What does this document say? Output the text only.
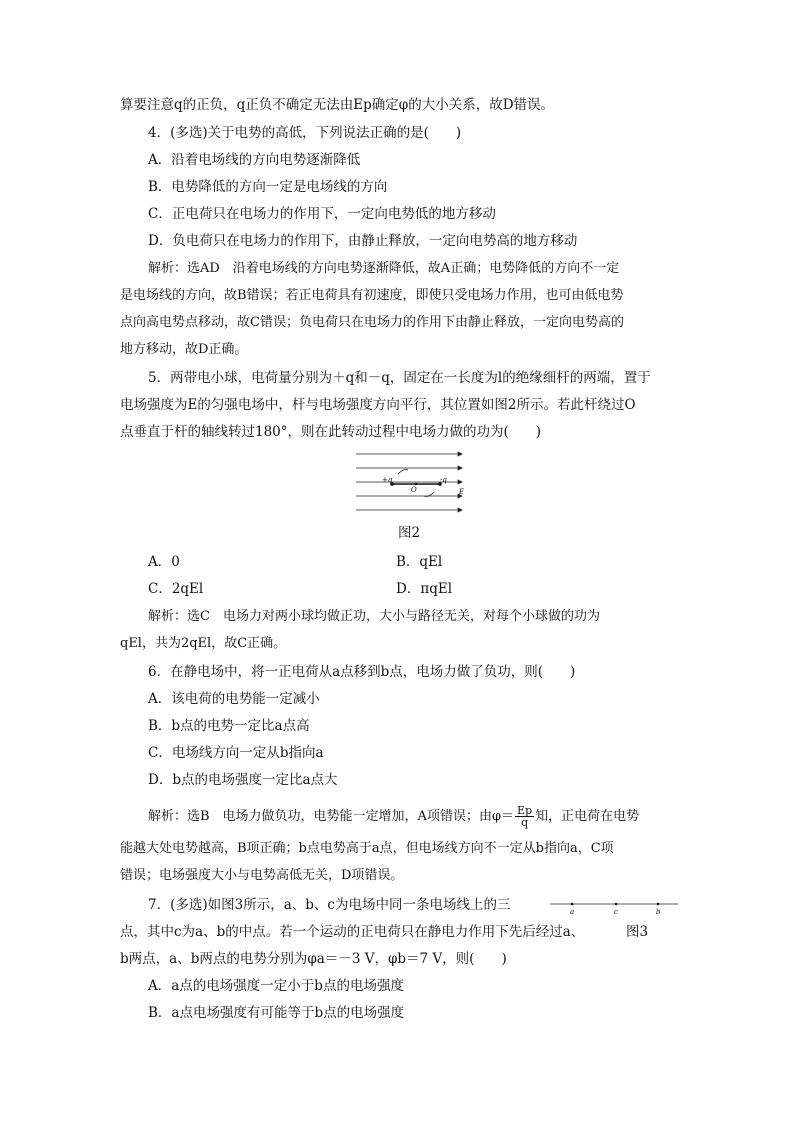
算要注意q的正负，q正负不确定无法由Ep确定φ的大小关系，故D错误。
4．(多选)关于电势的高低，下列说法正确的是(　　)
A．沿着电场线的方向电势逐渐降低
B．电势降低的方向一定是电场线的方向
C．正电荷只在电场力的作用下，一定向电势低的地方移动
D．负电荷只在电场力的作用下，由静止释放，一定向电势高的地方移动
解析：选AD　沿着电场线的方向电势逐渐降低，故A正确；电势降低的方向不一定
是电场线的方向，故B错误；若正电荷具有初速度，即使只受电场力作用，也可由低电势
点向高电势点移动，故C错误；负电荷只在电场力的作用下由静止释放，一定向电势高的
地方移动，故D正确。
5．两带电小球，电荷量分别为＋q和－q，固定在一长度为l的绝缘细杆的两端，置于
电场强度为E的匀强电场中，杆与电场强度方向平行，其位置如图2所示。若此杆绕过O
点垂直于杆的轴线转过180°，则在此转动过程中电场力做的功为(　　)
+q
O
-q
E
图2
A．0	B．qEl
C．2qEl	D．πqEl
解析：选C　电场力对两小球均做正功，大小与路径无关，对每个小球做的功为
qEl，共为2qEl，故C正确。
6．在静电场中，将一正电荷从a点移到b点，电场力做了负功，则(　　)
A．该电荷的电势能一定减小
B．b点的电势一定比a点高
C．电场线方向一定从b指向a
D．b点的电场强度一定比a点大
解析：选B　电场力做负功，电势能一定增加，A项错误；由$\varphi= \frac{Ep}{q}$ 知，正电荷在电势
能越大处电势越高，B项正确；b点电势高于a点，但电场线方向不一定从b指向a，C项
错误；电场强度大小与电势高低无关，D项错误。
7．(多选)如图3所示，a、b、c为电场中同一条电场线上的三
点，其中c为a、b的中点。若一个运动的正电荷只在静电力作用下先后经过a、
b两点，a、b两点的电势分别为φa＝－3 V，φb＝7 V，则(　　)
a	c	b
图3
A．a点的电场强度一定小于b点的电场强度
B．a点电场强度有可能等于b点的电场强度
